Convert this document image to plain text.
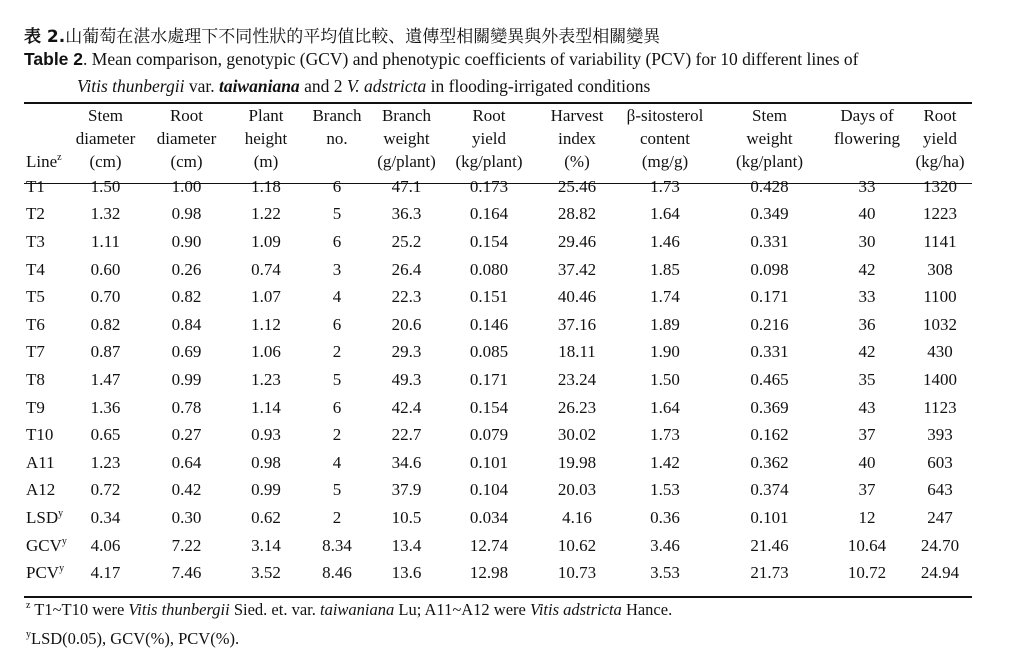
表 2.山葡萄在湛水處理下不同性狀的平均值比較、遺傳型相關變異與外表型相關變異
Table 2. Mean comparison, genotypic (GCV) and phenotypic coefficients of variability (PCV) for 10 different lines of
Vitis thunbergii var. taiwaniana and 2 V. adstricta in flooding-irrigated conditions
	Stem	Root	Plant	Branch	Branch	Root	Harvest	β-sitosterol	Stem	Days of	Root
	diameter	diameter	height	no.	weight	yield	index	content	weight	flowering	yield
Line$^z$	(cm)	(cm)	(m)		(g/plant)	(kg/plant)	(%)	(mg/g)	(kg/plant)		(kg/ha)
T1	1.50	1.00	1.18	6	47.1	0.173	25.46	1.73	0.428	33	1320
T2	1.32	0.98	1.22	5	36.3	0.164	28.82	1.64	0.349	40	1223
T3	1.11	0.90	1.09	6	25.2	0.154	29.46	1.46	0.331	30	1141
T4	0.60	0.26	0.74	3	26.4	0.080	37.42	1.85	0.098	42	308
T5	0.70	0.82	1.07	4	22.3	0.151	40.46	1.74	0.171	33	1100
T6	0.82	0.84	1.12	6	20.6	0.146	37.16	1.89	0.216	36	1032
T7	0.87	0.69	1.06	2	29.3	0.085	18.11	1.90	0.331	42	430
T8	1.47	0.99	1.23	5	49.3	0.171	23.24	1.50	0.465	35	1400
T9	1.36	0.78	1.14	6	42.4	0.154	26.23	1.64	0.369	43	1123
T10	0.65	0.27	0.93	2	22.7	0.079	30.02	1.73	0.162	37	393
A11	1.23	0.64	0.98	4	34.6	0.101	19.98	1.42	0.362	40	603
A12	0.72	0.42	0.99	5	37.9	0.104	20.03	1.53	0.374	37	643
LSD$^y$	0.34	0.30	0.62	2	10.5	0.034	4.16	0.36	0.101	12	247
GCV$^y$	4.06	7.22	3.14	8.34	13.4	12.74	10.62	3.46	21.46	10.64	24.70
PCV$^y$	4.17	7.46	3.52	8.46	13.6	12.98	10.73	3.53	21.73	10.72	24.94
$^z$ T1~T10 were Vitis thunbergii Sied. et. var. taiwaniana Lu; A11~A12 were Vitis adstricta Hance.
$^y$LSD(0.05), GCV(%), PCV(%).
